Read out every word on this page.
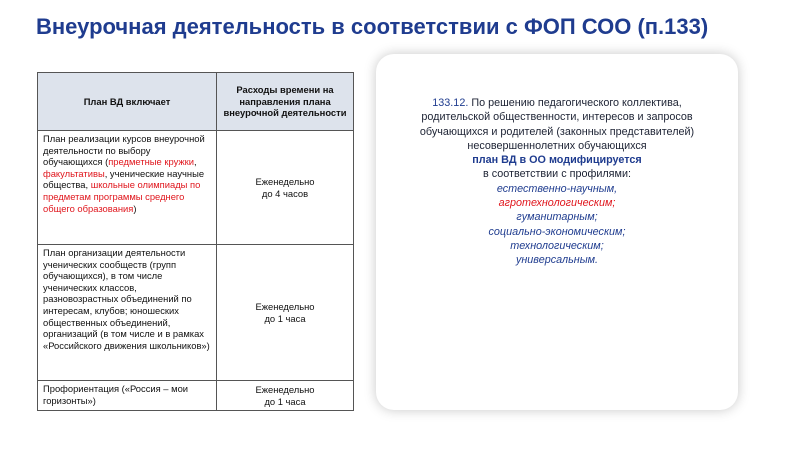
Внеурочная деятельность в соответствии с ФОП СОО (п.133)
План ВД включает	Расходы времени на направления плана внеурочной деятельности
План реализации курсов внеурочной деятельности по выбору обучающихся (предметные кружки, факультативы, ученические научные общества, школьные олимпиады по предметам программы среднего общего образования)	Еженедельно
до 4 часов

План организации деятельности ученических сообществ (групп обучающихся), в том числе ученических классов, разновозрастных объединений по интересам, клубов; юношеских общественных объединений, организаций (в том числе и в рамках «Российского движения школьников»)	Еженедельно
до 1 часа

Профориентация («Россия – мои горизонты»)	Еженедельно
до 1 часа
133.12. По решению педагогического коллектива,
родительской общественности, интересов и запросов
обучающихся и родителей (законных представителей)
несовершеннолетних обучающихся
план ВД в ОО модифицируется
в соответствии с профилями:
естественно-научным,
агротехнологическим;
гуманитарным;
социально-экономическим;
технологическим;
универсальным.
